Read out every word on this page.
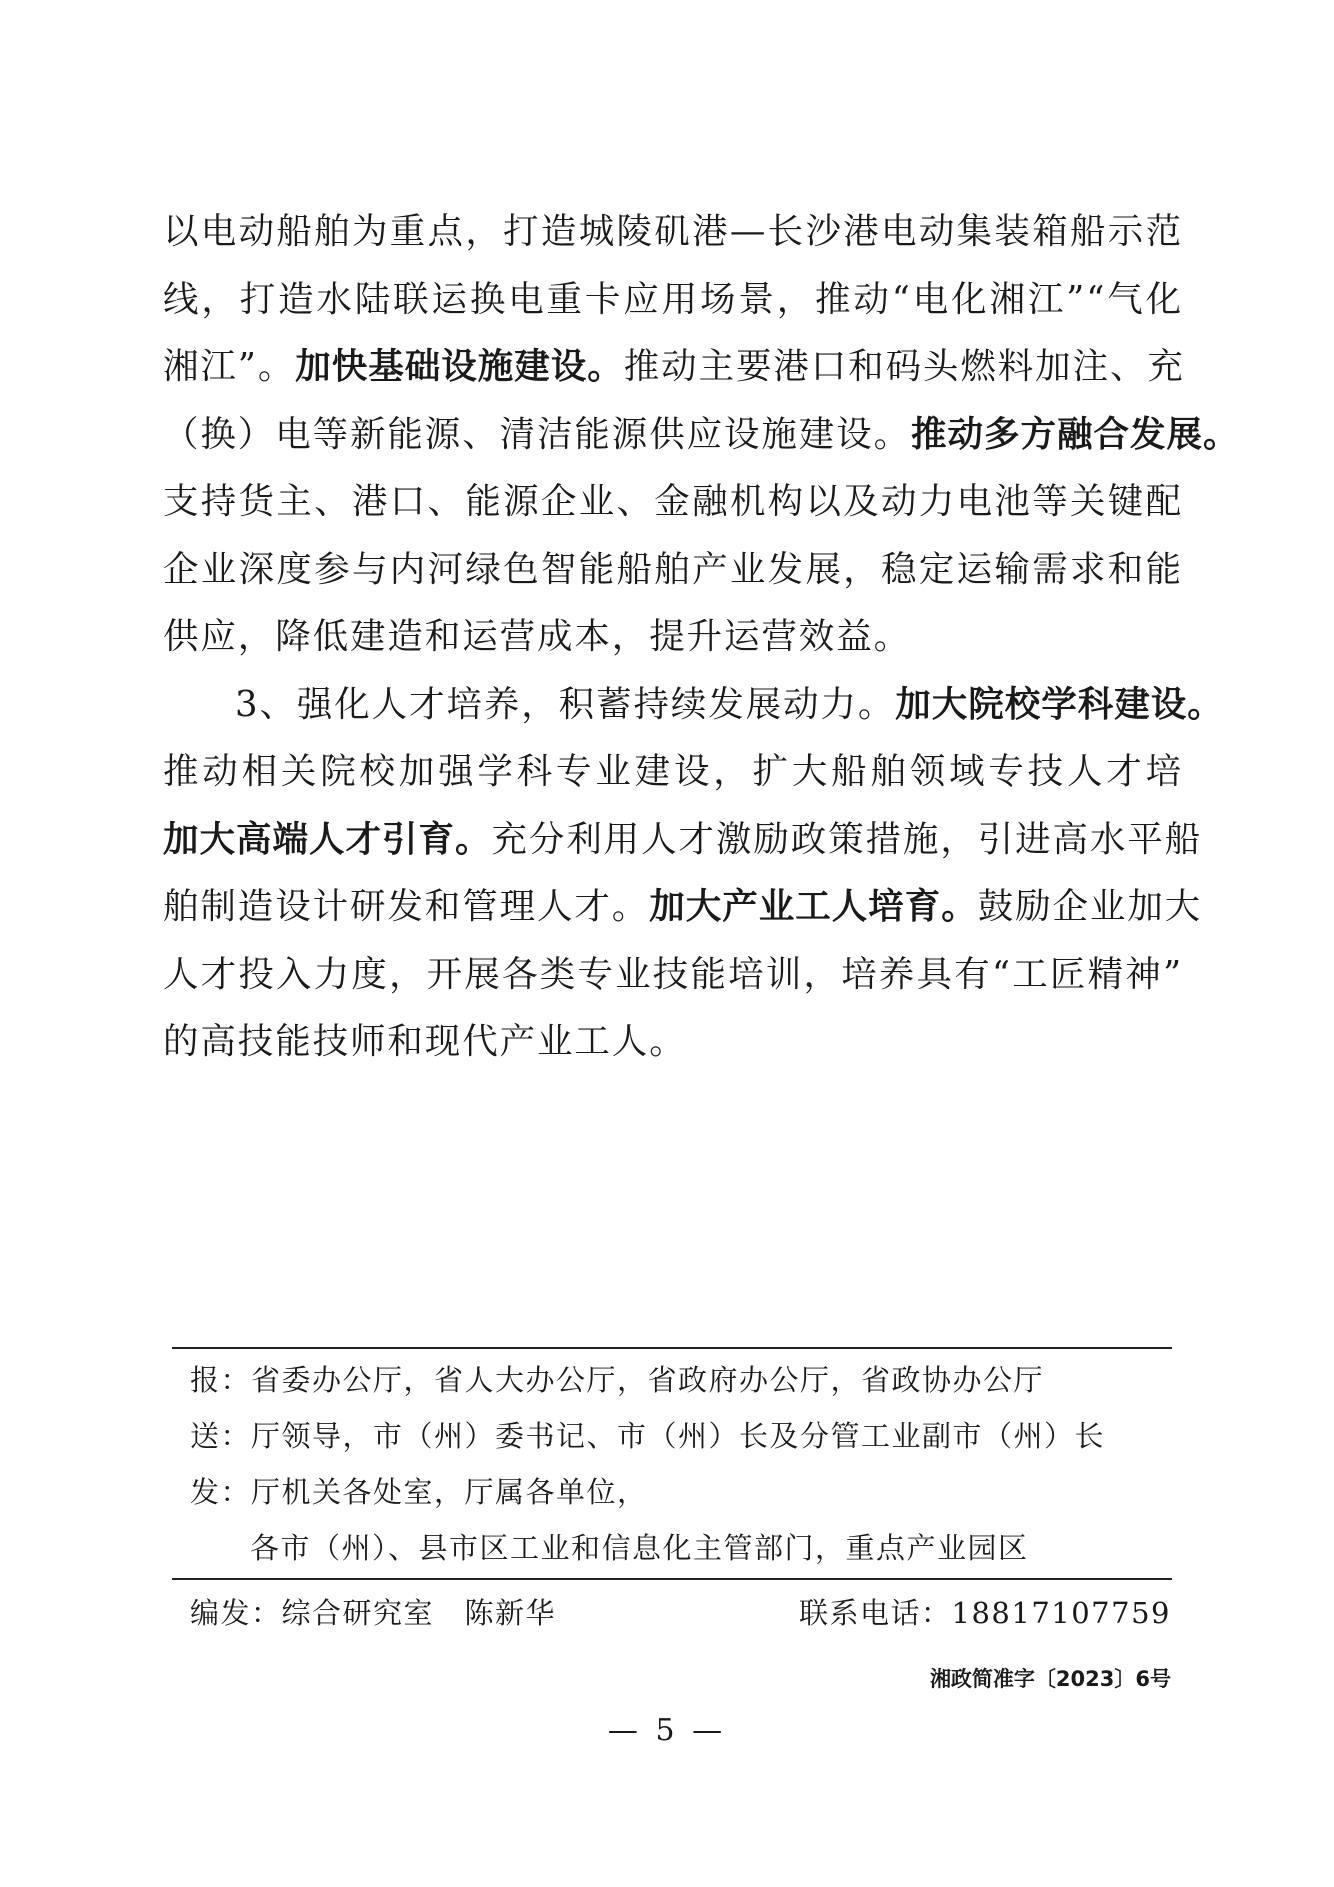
以电动船舶为重点，打造城陵矶港—长沙港电动集装箱船示范
线，打造水陆联运换电重卡应用场景，推动“电化湘江”“气化
湘江”。加快基础设施建设。推动主要港口和码头燃料加注、充
（换）电等新能源、清洁能源供应设施建设。推动多方融合发展。
支持货主、港口、能源企业、金融机构以及动力电池等关键配
企业深度参与内河绿色智能船舶产业发展，稳定运输需求和能
供应，降低建造和运营成本，提升运营效益。
3、强化人才培养，积蓄持续发展动力。加大院校学科建设。
推动相关院校加强学科专业建设，扩大船舶领域专技人才培
加大高端人才引育。充分利用人才激励政策措施，引进高水平船
舶制造设计研发和管理人才。加大产业工人培育。鼓励企业加大
人才投入力度，开展各类专业技能培训，培养具有“工匠精神”
的高技能技师和现代产业工人。
报：省委办公厅，省人大办公厅，省政府办公厅，省政协办公厅
送：厅领导，市（州）委书记、市（州）长及分管工业副市（州）长
发：厅机关各处室，厅属各单位，
各市（州）、县市区工业和信息化主管部门，重点产业园区
编发：综合研究室　陈新华	联系电话：18817107759
湘政简准字〔2023〕6号
— 5 —
